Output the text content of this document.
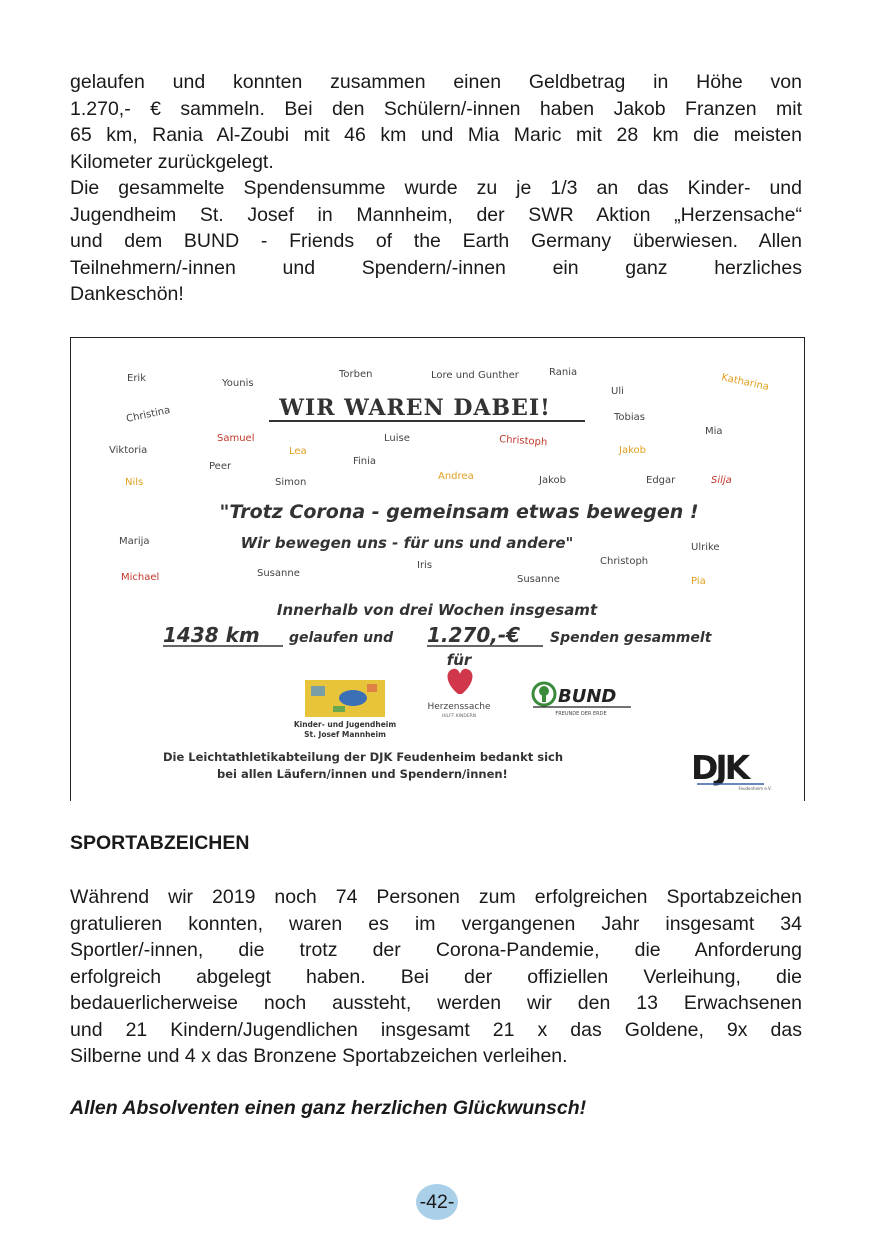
gelaufen und konnten zusammen einen Geldbetrag in Höhe von
1.270,- € sammeln. Bei den Schülern/-innen haben Jakob Franzen mit
65 km, Rania Al-Zoubi mit 46 km und Mia Maric mit 28 km die meisten
Kilometer zurückgelegt.
Die gesammelte Spendensumme wurde zu je 1/3 an das Kinder- und
Jugendheim St. Josef in Mannheim, der SWR Aktion „Herzensache“
und dem BUND - Friends of the Earth Germany überwiesen. Allen
Teilnehmern/-innen und Spendern/-innen ein ganz herzliches
Dankeschön!
Erik	Younis
Torben	Lore und Gunther	Rania
Uli	Katharina
Christina	WIR WAREN DABEI!	Tobias
Mia
Samuel	Luise	Christoph
Viktoria	Lea	Jakob
Finia
Peer
Nils	Simon
Andrea	Jakob	Edgar	Silja
"Trotz Corona - gemeinsam etwas bewegen !
Marija	Wir bewegen uns - für uns und andere"	Ulrike
Iris	Christoph
Michael	Susanne
Susanne	Pia
Innerhalb von drei Wochen insgesamt
1438 km gelaufen und 1.270,-€ Spenden gesammelt
für
Kinder- und Jugendheim
St. Josef Mannheim
Herzenssache
HILFT KINDERN
BUND
FREUNDE DER ERDE
Die Leichtathletikabteilung der DJK Feudenheim bedankt sich
bei allen Läufern/innen und Spendern/innen!	DJK
Feudenheim e.V.
SPORTABZEICHEN
Während wir 2019 noch 74 Personen zum erfolgreichen Sportabzeichen
gratulieren konnten, waren es im vergangenen Jahr insgesamt 34
Sportler/-innen, die trotz der Corona-Pandemie, die Anforderung
erfolgreich abgelegt haben. Bei der offiziellen Verleihung, die
bedauerlicherweise noch aussteht, werden wir den 13 Erwachsenen
und 21 Kindern/Jugendlichen insgesamt 21 x das Goldene, 9x das
Silberne und 4 x das Bronzene Sportabzeichen verleihen.

Allen Absolventen einen ganz herzlichen Glückwunsch!

-42-
